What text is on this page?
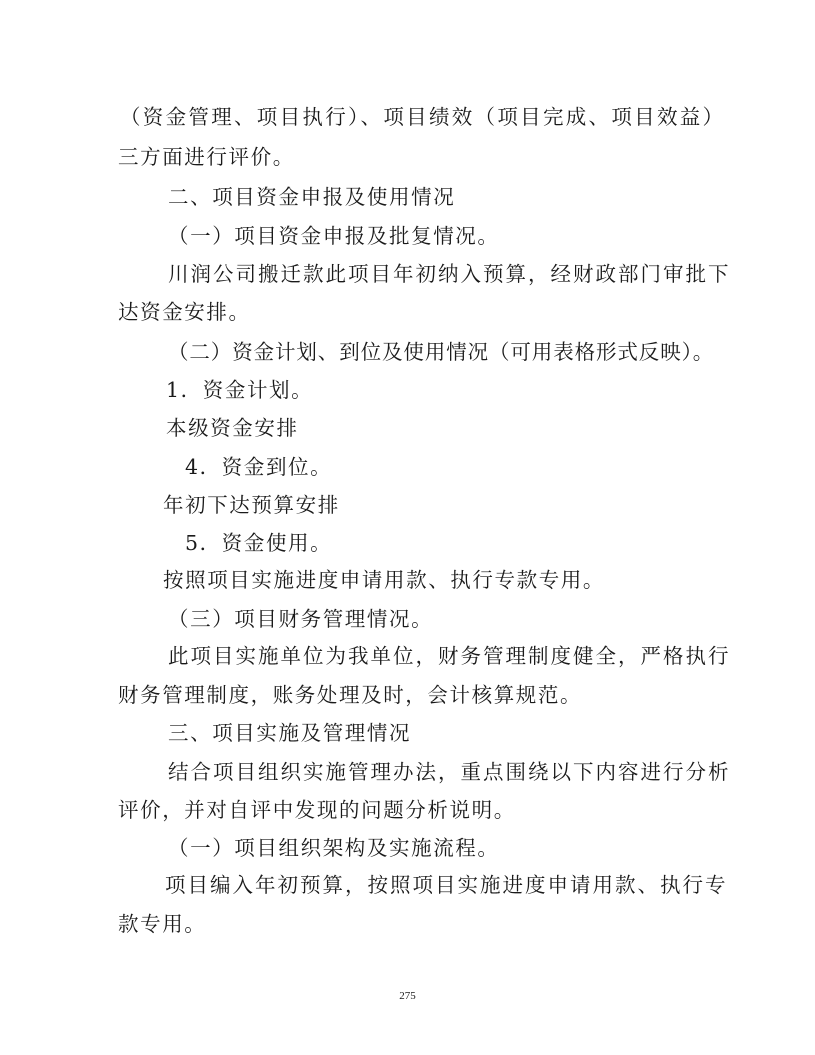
（资金管理、项目执行）、项目绩效（项目完成、项目效益）
三方面进行评价。
二、项目资金申报及使用情况
（一）项目资金申报及批复情况。
川润公司搬迁款此项目年初纳入预算，经财政部门审批下
达资金安排。
（二）资金计划、到位及使用情况（可用表格形式反映）。
1．资金计划。
本级资金安排
4．资金到位。
年初下达预算安排
5．资金使用。
按照项目实施进度申请用款、执行专款专用。
（三）项目财务管理情况。
此项目实施单位为我单位，财务管理制度健全，严格执行
财务管理制度，账务处理及时，会计核算规范。
三、项目实施及管理情况
结合项目组织实施管理办法，重点围绕以下内容进行分析
评价，并对自评中发现的问题分析说明。
（一）项目组织架构及实施流程。
项目编入年初预算，按照项目实施进度申请用款、执行专
款专用。
275
